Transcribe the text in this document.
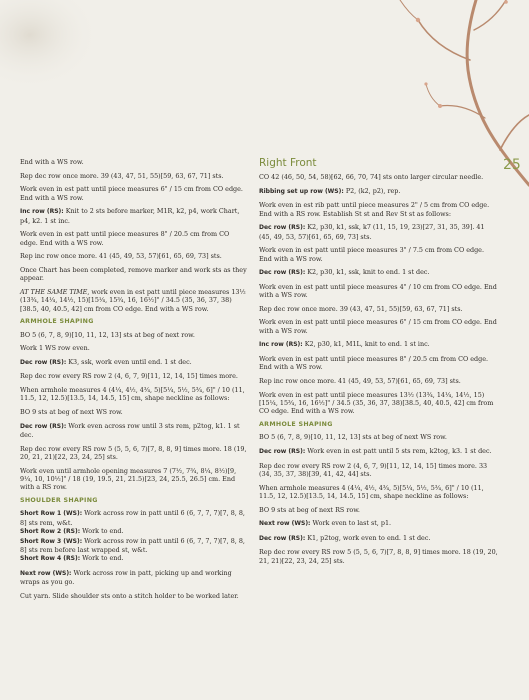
25

End with a WS row.

Rep dec row once more. 39 (43, 47, 51, 55)[59, 63, 67, 71] sts.

Work even in est patt until piece measures 6" / 15 cm from CO edge. End with a WS row.

Inc row (RS): Knit to 2 sts before marker, M1R, k2, p4, work Chart, p4, k2. 1 st inc.

Work even in est patt until piece measures 8" / 20.5 cm from CO edge. End with a WS row.

Rep inc row once more. 41 (45, 49, 53, 57)[61, 65, 69, 73] sts.

Once Chart has been completed, remove marker and work sts as they appear.

AT THE SAME TIME, work even in est patt until piece measures 13½ (13¾, 14¼, 14½, 15)[15¼, 15¾, 16, 16½]" / 34.5 (35, 36, 37, 38)[38.5, 40, 40.5, 42] cm from CO edge. End with a WS row.

ARMHOLE SHAPING

BO 5 (6, 7, 8, 9)[10, 11, 12, 13] sts at beg of next row.

Work 1 WS row even.

Dec row (RS): K3, ssk, work even until end. 1 st dec.

Rep dec row every RS row 2 (4, 6, 7, 9)[11, 12, 14, 15] times more.

When armhole measures 4 (4¼, 4½, 4¾, 5)[5¼, 5½, 5¾, 6]" / 10 (11, 11.5, 12, 12.5)[13.5, 14, 14.5, 15] cm, shape neckline as follows:

BO 9 sts at beg of next WS row.

Dec row (RS): Work even across row until 3 sts rem, p2tog, k1. 1 st dec.

Rep dec row every RS row 5 (5, 5, 6, 7)[7, 8, 8, 9] times more. 18 (19, 20, 21, 21)[22, 23, 24, 25] sts.

Work even until armhole opening measures 7 (7½, 7¾, 8¼, 8½)[9, 9¼, 10, 10½]" / 18 (19, 19.5, 21, 21.5)[23, 24, 25.5, 26.5] cm. End with a RS row.

SHOULDER SHAPING

Short Row 1 (WS): Work across row in patt until 6 (6, 7, 7, 7)[7, 8, 8, 8] sts rem, w&t.

Short Row 2 (RS): Work to end.

Short Row 3 (WS): Work across row in patt until 6 (6, 7, 7, 7)[7, 8, 8, 8] sts rem before last wrapped st, w&t.

Short Row 4 (RS): Work to end.

Next row (WS): Work across row in patt, picking up and working wraps as you go.

Cut yarn. Slide shoulder sts onto a stitch holder to be worked later.

Right Front

CO 42 (46, 50, 54, 58)[62, 66, 70, 74] sts onto larger circular needle.

Ribbing set up row (WS): P2, (k2, p2), rep.

Work even in est rib patt until piece measures 2" / 5 cm from CO edge. End with a RS row. Establish St st and Rev St st as follows:

Dec row (RS): K2, p30, k1, ssk, k7 (11, 15, 19, 23)[27, 31, 35, 39]. 41 (45, 49, 53, 57)[61, 65, 69, 73] sts.

Work even in est patt until piece measures 3" / 7.5 cm from CO edge. End with a WS row.

Dec row (RS): K2, p30, k1, ssk, knit to end. 1 st dec.

Work even in est patt until piece measures 4" / 10 cm from CO edge. End with a WS row.

Rep dec row once more. 39 (43, 47, 51, 55)[59, 63, 67, 71] sts.

Work even in est patt until piece measures 6" / 15 cm from CO edge. End with a WS row.

Inc row (RS): K2, p30, k1, M1L, knit to end. 1 st inc.

Work even in est patt until piece measures 8" / 20.5 cm from CO edge. End with a WS row.

Rep inc row once more. 41 (45, 49, 53, 57)[61, 65, 69, 73] sts.

Work even in est patt until piece measures 13½ (13¾, 14¼, 14½, 15)[15¼, 15¾, 16, 16½]" / 34.5 (35, 36, 37, 38)[38.5, 40, 40.5, 42] cm from CO edge. End with a WS row.

ARMHOLE SHAPING

BO 5 (6, 7, 8, 9)[10, 11, 12, 13] sts at beg of next WS row.

Dec row (RS): Work even in est patt until 5 sts rem, k2tog, k3. 1 st dec.

Rep dec row every RS row 2 (4, 6, 7, 9)[11, 12, 14, 15] times more. 33 (34, 35, 37, 38)[39, 41, 42, 44] sts.

When armhole measures 4 (4¼, 4½, 4¾, 5)[5¼, 5½, 5¾, 6]" / 10 (11, 11.5, 12, 12.5)[13.5, 14, 14.5, 15] cm, shape neckline as follows:

BO 9 sts at beg of next RS row.

Next row (WS): Work even to last st, p1.

Dec row (RS): K1, p2tog, work even to end. 1 st dec.

Rep dec row every RS row 5 (5, 5, 6, 7)[7, 8, 8, 9] times more. 18 (19, 20, 21, 21)[22, 23, 24, 25] sts.
